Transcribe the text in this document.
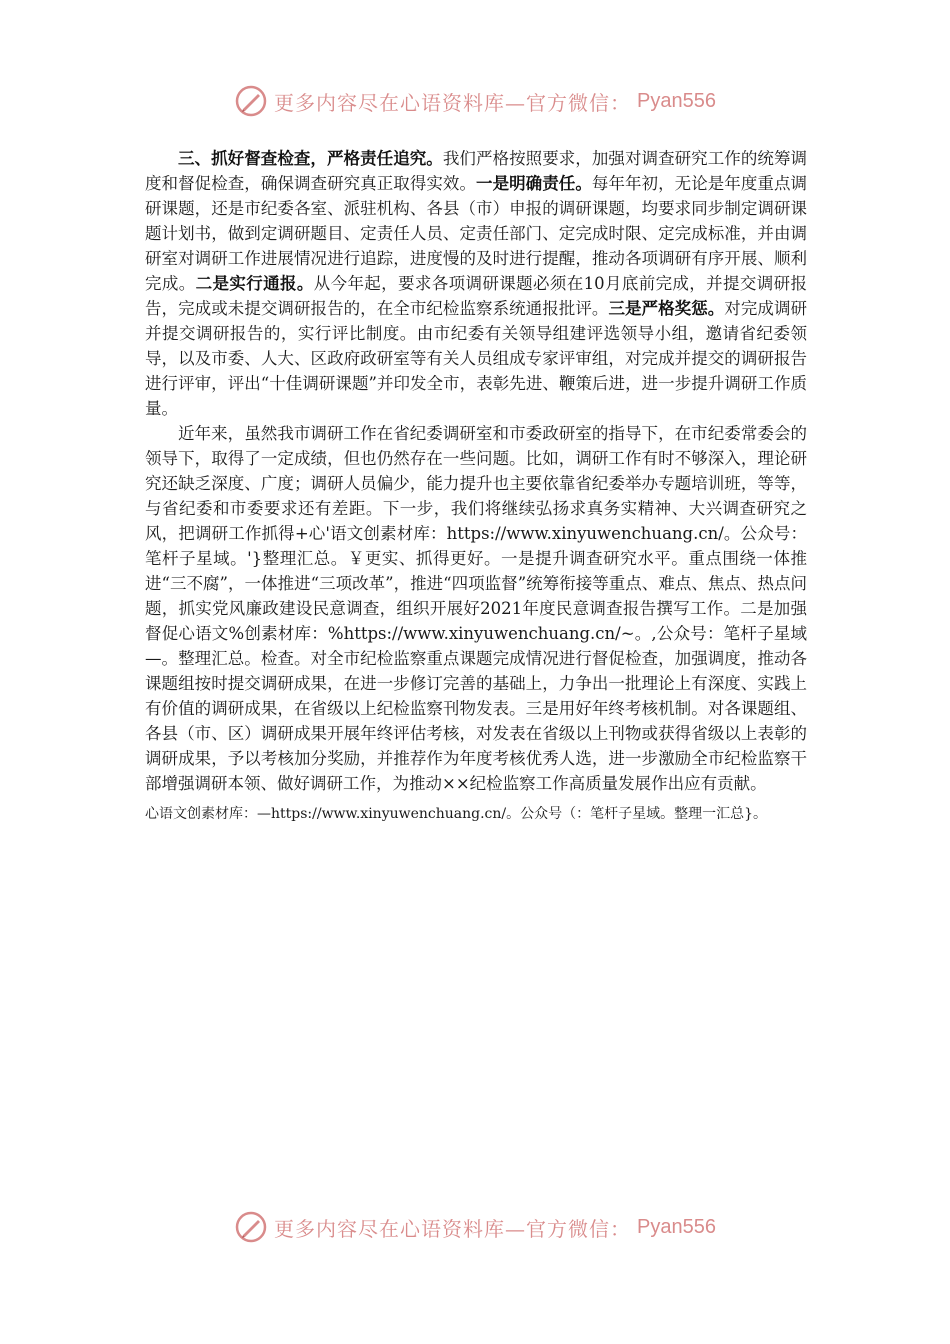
更多内容尽在心语资料库—官方微信： Pyan556

三、抓好督查检查，严格责任追究。我们严格按照要求，加强对调查研究工作的统筹调度和督促检查，确保调查研究真正取得实效。一是明确责任。每年年初，无论是年度重点调研课题，还是市纪委各室、派驻机构、各县（市）申报的调研课题，均要求同步制定调研课题计划书，做到定调研题目、定责任人员、定责任部门、定完成时限、定完成标准，并由调研室对调研工作进展情况进行追踪，进度慢的及时进行提醒，推动各项调研有序开展、顺利完成。二是实行通报。从今年起，要求各项调研课题必须在10月底前完成，并提交调研报告，完成或未提交调研报告的，在全市纪检监察系统通报批评。三是严格奖惩。对完成调研并提交调研报告的，实行评比制度。由市纪委有关领导组建评选领导小组，邀请省纪委领导，以及市委、人大、区政府政研室等有关人员组成专家评审组，对完成并提交的调研报告进行评审，评出“十佳调研课题”并印发全市，表彰先进、鞭策后进，进一步提升调研工作质量。

近年来，虽然我市调研工作在省纪委调研室和市委政研室的指导下，在市纪委常委会的领导下，取得了一定成绩，但也仍然存在一些问题。比如，调研工作有时不够深入，理论研究还缺乏深度、广度；调研人员偏少，能力提升也主要依靠省纪委举办专题培训班，等等，与省纪委和市委要求还有差距。下一步，我们将继续弘扬求真务实精神、大兴调查研究之风，把调研工作抓得+心'语文创素材库：https://www.xinyuwenchuang.cn/。公众号：笔杆子星域。'}整理汇总。￥更实、抓得更好。一是提升调查研究水平。重点围绕一体推进“三不腐”，一体推进“三项改革”，推进“四项监督”统筹衔接等重点、难点、焦点、热点问题，抓实党风廉政建设民意调查，组织开展好2021年度民意调查报告撰写工作。二是加强督促心语文%创素材库：%https://www.xinyuwenchuang.cn/~。,公众号：笔杆子星域—。整理汇总。检查。对全市纪检监察重点课题完成情况进行督促检查，加强调度，推动各课题组按时提交调研成果，在进一步修订完善的基础上，力争出一批理论上有深度、实践上有价值的调研成果，在省级以上纪检监察刊物发表。三是用好年终考核机制。对各课题组、各县（市、区）调研成果开展年终评估考核，对发表在省级以上刊物或获得省级以上表彰的调研成果，予以考核加分奖励，并推荐作为年度考核优秀人选，进一步激励全市纪检监察干部增强调研本领、做好调研工作，为推动××纪检监察工作高质量发展作出应有贡献。

心语文创素材库：—https://www.xinyuwenchuang.cn/。公众号（：笔杆子星域。整理一汇总}。

更多内容尽在心语资料库—官方微信： Pyan556
